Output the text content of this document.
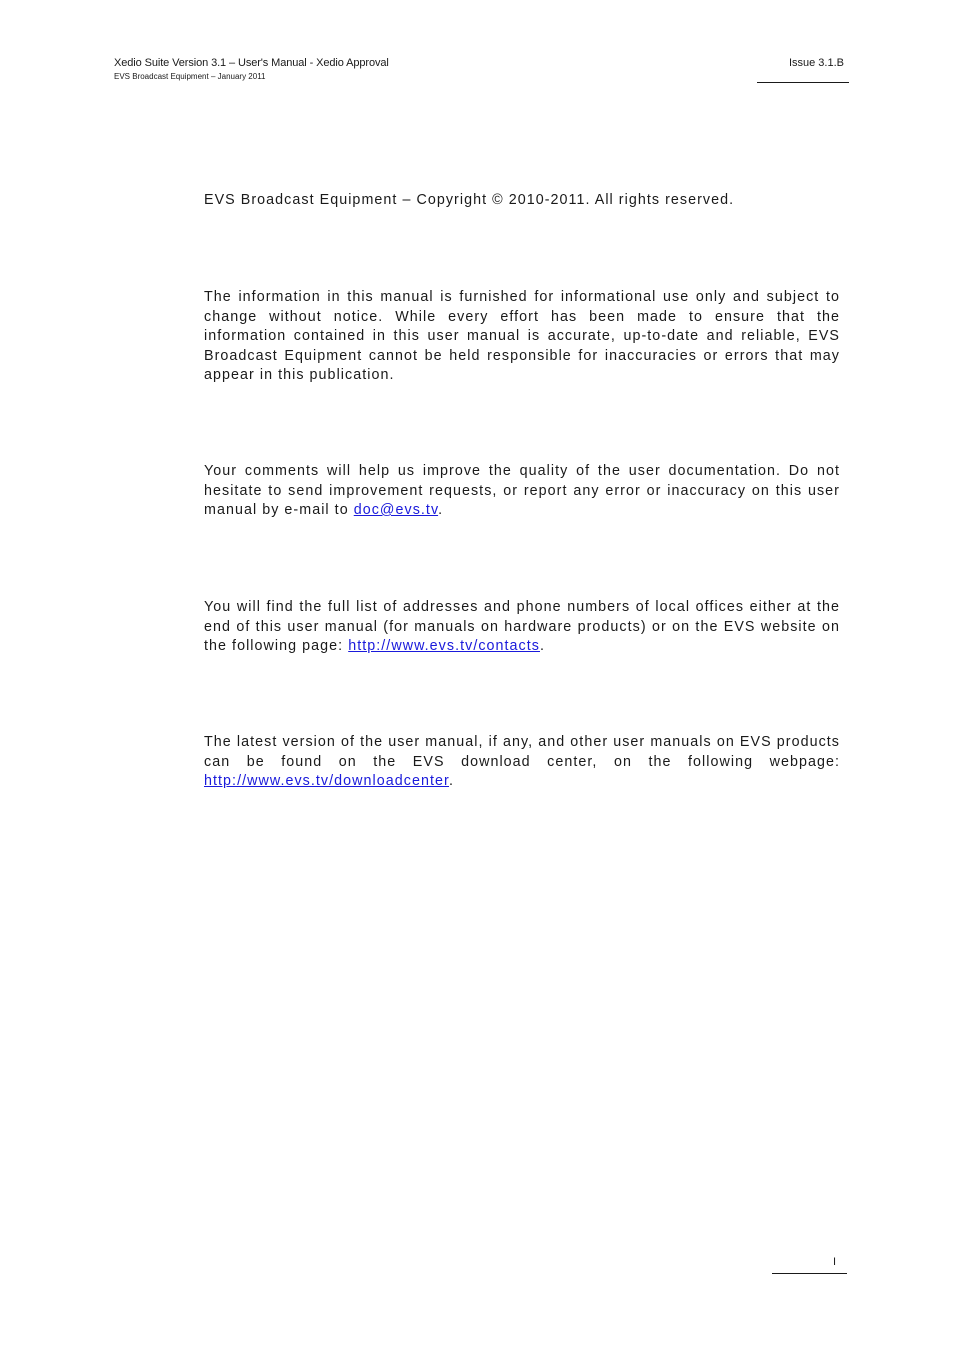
Xedio Suite Version 3.1 – User's Manual - Xedio Approval
EVS Broadcast Equipment – January 2011
Issue 3.1.B

EVS Broadcast Equipment – Copyright © 2010-2011. All rights reserved.

The information in this manual is furnished for informational use only and subject to change without notice. While every effort has been made to ensure that the information contained in this user manual is accurate, up-to-date and reliable, EVS Broadcast Equipment cannot be held responsible for inaccuracies or errors that may appear in this publication.

Your comments will help us improve the quality of the user documentation. Do not hesitate to send improvement requests, or report any error or inaccuracy on this user manual by e-mail to doc@evs.tv.

You will find the full list of addresses and phone numbers of local offices either at the end of this user manual (for manuals on hardware products) or on the EVS website on the following page: http://www.evs.tv/contacts.

The latest version of the user manual, if any, and other user manuals on EVS products can be found on the EVS download center, on the following webpage: http://www.evs.tv/downloadcenter.

I
